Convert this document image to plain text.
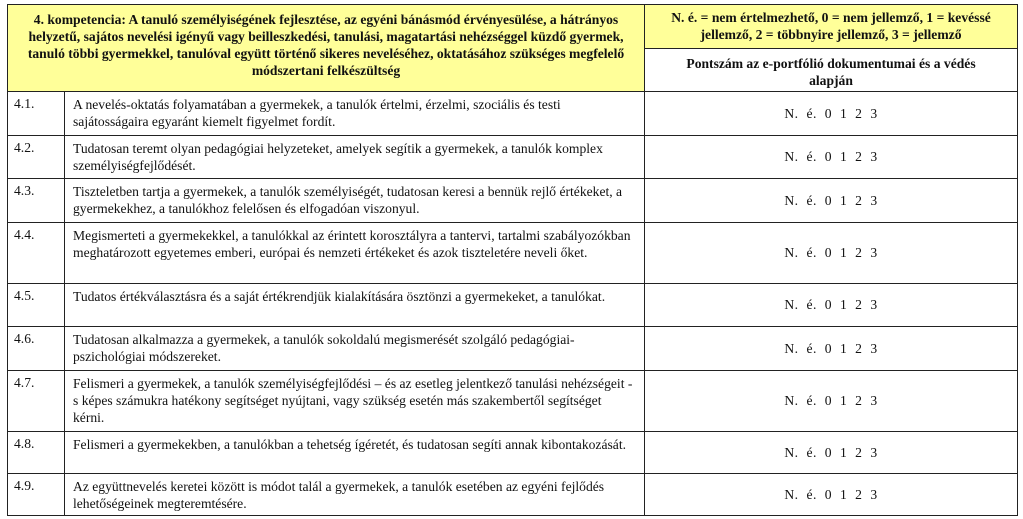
4. kompetencia: A tanuló személyiségének fejlesztése, az egyéni bánásmód érvényesülése, a hátrányos helyzetű, sajátos nevelési igényű vagy beilleszkedési, tanulási, magatartási nehézséggel küzdő gyermek, tanuló többi gyermekkel, tanulóval együtt történő sikeres neveléséhez, oktatásához szükséges megfelelő módszertani felkészültség		N. é. = nem értelmezhető, 0 = nem jellemző, 1 = kevéssé jellemző, 2 = többnyire jellemző, 3 = jellemző
		Pontszám az e-portfólió dokumentumai és a védés alapján
4.1.	A nevelés-oktatás folyamatában a gyermekek, a tanulók értelmi, érzelmi, szociális és testi sajátosságaira egyaránt kiemelt figyelmet fordít.	N. é. 0 1 2 3
4.2.	Tudatosan teremt olyan pedagógiai helyzeteket, amelyek segítik a gyermekek, a tanulók komplex személyiségfejlődését.	N. é. 0 1 2 3
4.3.	Tiszteletben tartja a gyermekek, a tanulók személyiségét, tudatosan keresi a bennük rejlő értékeket, a gyermekekhez, a tanulókhoz felelősen és elfogadóan viszonyul.	N. é. 0 1 2 3
4.4.	Megismerteti a gyermekekkel, a tanulókkal az érintett korosztályra a tantervi, tartalmi szabályozókban meghatározott egyetemes emberi, európai és nemzeti értékeket és azok tiszteletére neveli őket.	N. é. 0 1 2 3
4.5.	Tudatos értékválasztásra és a saját értékrendjük kialakítására ösztönzi a gyermekeket, a tanulókat.	N. é. 0 1 2 3
4.6.	Tudatosan alkalmazza a gyermekek, a tanulók sokoldalú megismerését szolgáló pedagógiai-pszichológiai módszereket.	N. é. 0 1 2 3
4.7.	Felismeri a gyermekek, a tanulók személyiségfejlődési – és az esetleg jelentkező tanulási nehézségeit - s képes számukra hatékony segítséget nyújtani, vagy szükség esetén más szakembertől segítséget kérni.	N. é. 0 1 2 3
4.8.	Felismeri a gyermekekben, a tanulókban a tehetség ígéretét, és tudatosan segíti annak kibontakozását.	N. é. 0 1 2 3
4.9.	Az együttnevelés keretei között is módot talál a gyermekek, a tanulók esetében az egyéni fejlődés lehetőségeinek megteremtésére.	N. é. 0 1 2 3
